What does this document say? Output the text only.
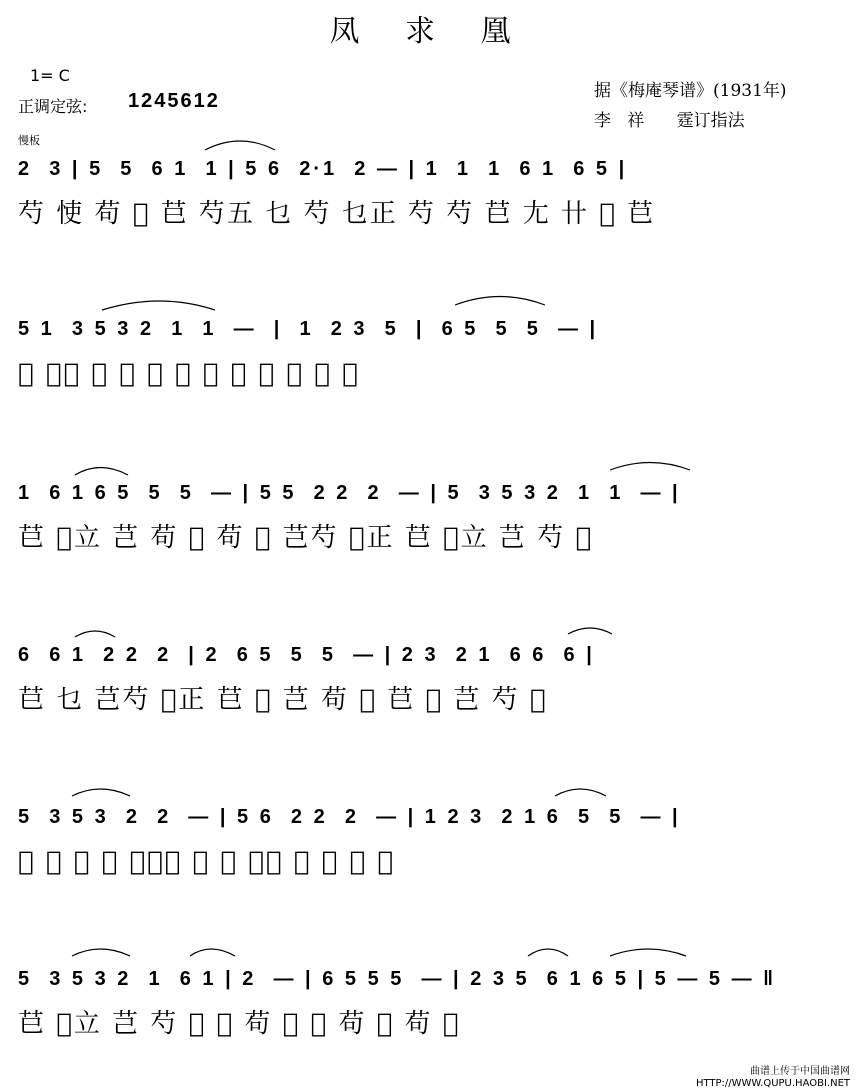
凤 求 凰
1= C
正调定弦: 1245612	据《梅庵琴谱》(1931年)
李   祥      霆订指法
慢板
2  3 | 5  5  6 1  1 | 5 6  2·1  2 — | 1  1  1  6 1  6 5 |
芍 㤦 苟 𢙣 𦬊 芍五 乜 芍 乜正 芍 芍 𦬊 尢 卄 𢙣 𦬊
5 1  3 5 3 2  1  1  —  |  1  2 3  5  |  6 5  5  5  — |
𢙣 芍立 芑 𢙣 芍 苟 芍 乜 𢙣 芑 苟 𢙣
1  6 1 6 5  5  5  — | 5 5  2 2  2  — | 5  3 5 3 2  1  1  — |
𦬊 𢙣立 芑 苟 𢙣 苟 𢙣 芑芍 𢙣正 𦬊 𢙣立 芑 芍 𢙣
6  6 1  2 2  2  | 2  6 5  5  5  — | 2 3  2 1  6 6  6 |
𦬊 乜 芑芍 𢙣正 𦬊 𢙣 芑 苟 𢙣 𦬊 𢙣 芑 芍 𢙣
5  3 5 3  2  2  — | 5 6  2 2  2  — | 1 2 3  2 1 6  5  5  — |
𢙣 匠 苟 𢙣 芑苟五 𢙣 苟 𢙣正 𦬊 𢙣 苟 𢙣
5  3 5 3 2  1  6 1 | 2  — | 6 5 5 5  — | 2 3 5  6 1 6 5 | 5 — 5 — ‖
𦬊 𢙣立 芑 芍 𢙣 𢙣 苟 𢙣 𢙣 苟 𢙣 苟 𢙣
曲谱上传于中国曲谱网
HTTP://WWW.QUPU.HAOBI.NET
